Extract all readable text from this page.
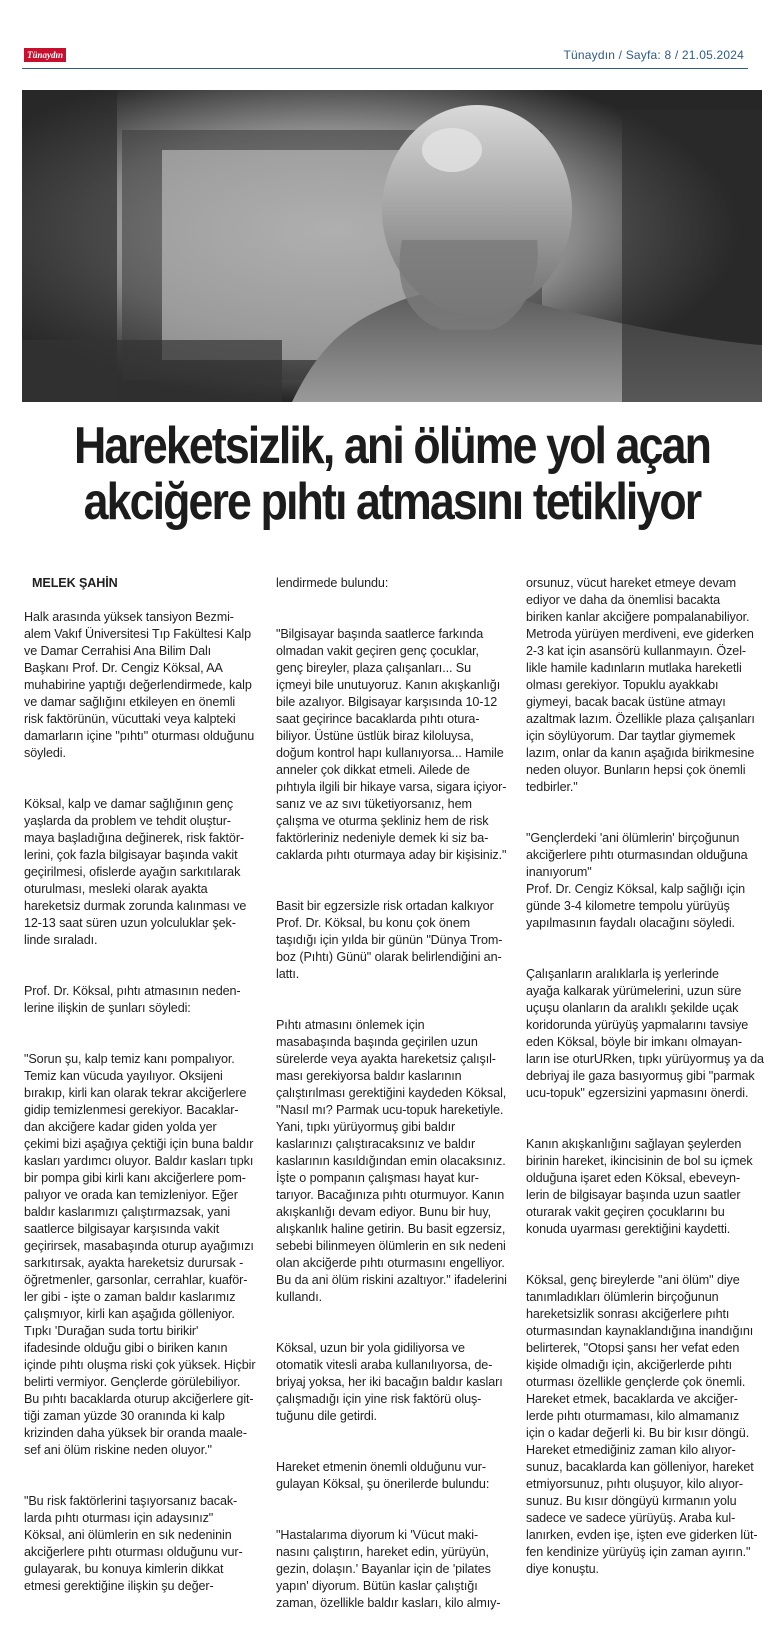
Tünaydın	Tünaydın / Sayfa: 8 / 21.05.2024
Hareketsizlik, ani ölüme yol açan
akciğere pıhtı atmasını tetikliyor

MELEK ŞAHİN

Halk arasında yüksek tansiyon Bezmi-
alem Vakıf Üniversitesi Tıp Fakültesi Kalp
ve Damar Cerrahisi Ana Bilim Dalı
Başkanı Prof. Dr. Cengiz Köksal, AA
muhabirine yaptığı değerlendirmede, kalp
ve damar sağlığını etkileyen en önemli
risk faktörünün, vücuttaki veya kalpteki
damarların içine "pıhtı" oturması olduğunu
söyledi.

Köksal, kalp ve damar sağlığının genç
yaşlarda da problem ve tehdit oluştur-
maya başladığına değinerek, risk faktör-
lerini, çok fazla bilgisayar başında vakit
geçirilmesi, ofislerde ayağın sarkıtılarak
oturulması, mesleki olarak ayakta
hareketsiz durmak zorunda kalınması ve
12-13 saat süren uzun yolculuklar şek-
linde sıraladı.

Prof. Dr. Köksal, pıhtı atmasının neden-
lerine ilişkin de şunları söyledi:

"Sorun şu, kalp temiz kanı pompalıyor.
Temiz kan vücuda yayılıyor. Oksijeni
bırakıp, kirli kan olarak tekrar akciğerlere
gidip temizlenmesi gerekiyor. Bacaklar-
dan akciğere kadar giden yolda yer
çekimi bizi aşağıya çektiği için buna baldır
kasları yardımcı oluyor. Baldır kasları tıpkı
bir pompa gibi kirli kanı akciğerlere pom-
palıyor ve orada kan temizleniyor. Eğer
baldır kaslarımızı çalıştırmazsak, yani
saatlerce bilgisayar karşısında vakit
geçirirsek, masabaşında oturup ayağımızı
sarkıtırsak, ayakta hareketsiz durursak -
öğretmenler, garsonlar, cerrahlar, kuaför-
ler gibi - işte o zaman baldır kaslarımız
çalışmıyor, kirli kan aşağıda gölleniyor.
Tıpkı 'Durağan suda tortu birikir'
ifadesinde olduğu gibi o biriken kanın
içinde pıhtı oluşma riski çok yüksek. Hiçbir
belirti vermiyor. Gençlerde görülebiliyor.
Bu pıhtı bacaklarda oturup akciğerlere git-
tiği zaman yüzde 30 oranında ki kalp
krizinden daha yüksek bir oranda maale-
sef ani ölüm riskine neden oluyor."

"Bu risk faktörlerini taşıyorsanız bacak-
larda pıhtı oturması için adaysınız"
Köksal, ani ölümlerin en sık nedeninin
akciğerlere pıhtı oturması olduğunu vur-
gulayarak, bu konuya kimlerin dikkat
etmesi gerektiğine ilişkin şu değer-

lendirmede bulundu:

"Bilgisayar başında saatlerce farkında
olmadan vakit geçiren genç çocuklar,
genç bireyler, plaza çalışanları... Su
içmeyi bile unutuyoruz. Kanın akışkanlığı
bile azalıyor. Bilgisayar karşısında 10-12
saat geçirince bacaklarda pıhtı otura-
biliyor. Üstüne üstlük biraz kiloluysa,
doğum kontrol hapı kullanıyorsa... Hamile
anneler çok dikkat etmeli. Ailede de
pıhtıyla ilgili bir hikaye varsa, sigara içiyor-
sanız ve az sıvı tüketiyorsanız, hem
çalışma ve oturma şekliniz hem de risk
faktörleriniz nedeniyle demek ki siz ba-
caklarda pıhtı oturmaya aday bir kişisiniz."

Basit bir egzersizle risk ortadan kalkıyor
Prof. Dr. Köksal, bu konu çok önem
taşıdığı için yılda bir günün "Dünya Trom-
boz (Pıhtı) Günü" olarak belirlendiğini an-
lattı.

Pıhtı atmasını önlemek için
masabaşında başında geçirilen uzun
sürelerde veya ayakta hareketsiz çalışıl-
ması gerekiyorsa baldır kaslarının
çalıştırılması gerektiğini kaydeden Köksal,
"Nasıl mı? Parmak ucu-topuk hareketiyle.
Yani, tıpkı yürüyormuş gibi baldır
kaslarınızı çalıştıracaksınız ve baldır
kaslarının kasıldığından emin olacaksınız.
İşte o pompanın çalışması hayat kur-
tarıyor. Bacağınıza pıhtı oturmuyor. Kanın
akışkanlığı devam ediyor. Bunu bir huy,
alışkanlık haline getirin. Bu basit egzersiz,
sebebi bilinmeyen ölümlerin en sık nedeni
olan akciğerde pıhtı oturmasını engelliyor.
Bu da ani ölüm riskini azaltıyor." ifadelerini
kullandı.

Köksal, uzun bir yola gidiliyorsa ve
otomatik vitesli araba kullanılıyorsa, de-
briyaj yoksa, her iki bacağın baldır kasları
çalışmadığı için yine risk faktörü oluş-
tuğunu dile getirdi.

Hareket etmenin önemli olduğunu vur-
gulayan Köksal, şu önerilerde bulundu:

"Hastalarıma diyorum ki 'Vücut maki-
nasını çalıştırın, hareket edin, yürüyün,
gezin, dolaşın.' Bayanlar için de 'pilates
yapın' diyorum. Bütün kaslar çalıştığı
zaman, özellikle baldır kasları, kilo almıy-

orsunuz, vücut hareket etmeye devam
ediyor ve daha da önemlisi bacakta
biriken kanlar akciğere pompalanabiliyor.
Metroda yürüyen merdiveni, eve giderken
2-3 kat için asansörü kullanmayın. Özel-
likle hamile kadınların mutlaka hareketli
olması gerekiyor. Topuklu ayakkabı
giymeyi, bacak bacak üstüne atmayı
azaltmak lazım. Özellikle plaza çalışanları
için söylüyorum. Dar taytlar giymemek
lazım, onlar da kanın aşağıda birikmesine
neden oluyor. Bunların hepsi çok önemli
tedbirler."

"Gençlerdeki 'ani ölümlerin' birçoğunun
akciğerlere pıhtı oturmasından olduğuna
inanıyorum"
Prof. Dr. Cengiz Köksal, kalp sağlığı için
günde 3-4 kilometre tempolu yürüyüş
yapılmasının faydalı olacağını söyledi.

Çalışanların aralıklarla iş yerlerinde
ayağa kalkarak yürümelerini, uzun süre
uçuşu olanların da aralıklı şekilde uçak
koridorunda yürüyüş yapmalarını tavsiye
eden Köksal, böyle bir imkanı olmayan-
ların ise oturURken, tıpkı yürüyormuş ya da
debriyaj ile gaza basıyormuş gibi "parmak
ucu-topuk" egzersizini yapmasını önerdi.

Kanın akışkanlığını sağlayan şeylerden
birinin hareket, ikincisinin de bol su içmek
olduğuna işaret eden Köksal, ebeveyn-
lerin de bilgisayar başında uzun saatler
oturarak vakit geçiren çocuklarını bu
konuda uyarması gerektiğini kaydetti.

Köksal, genç bireylerde "ani ölüm" diye
tanımladıkları ölümlerin birçoğunun
hareketsizlik sonrası akciğerlere pıhtı
oturmasından kaynaklandığına inandığını
belirterek, "Otopsi şansı her vefat eden
kişide olmadığı için, akciğerlerde pıhtı
oturması özellikle gençlerde çok önemli.
Hareket etmek, bacaklarda ve akciğer-
lerde pıhtı oturmaması, kilo almamanız
için o kadar değerli ki. Bu bir kısır döngü.
Hareket etmediğiniz zaman kilo alıyor-
sunuz, bacaklarda kan gölleniyor, hareket
etmiyorsunuz, pıhtı oluşuyor, kilo alıyor-
sunuz. Bu kısır döngüyü kırmanın yolu
sadece ve sadece yürüyüş. Araba kul-
lanırken, evden işe, işten eve giderken lüt-
fen kendinize yürüyüş için zaman ayırın."
diye konuştu.
